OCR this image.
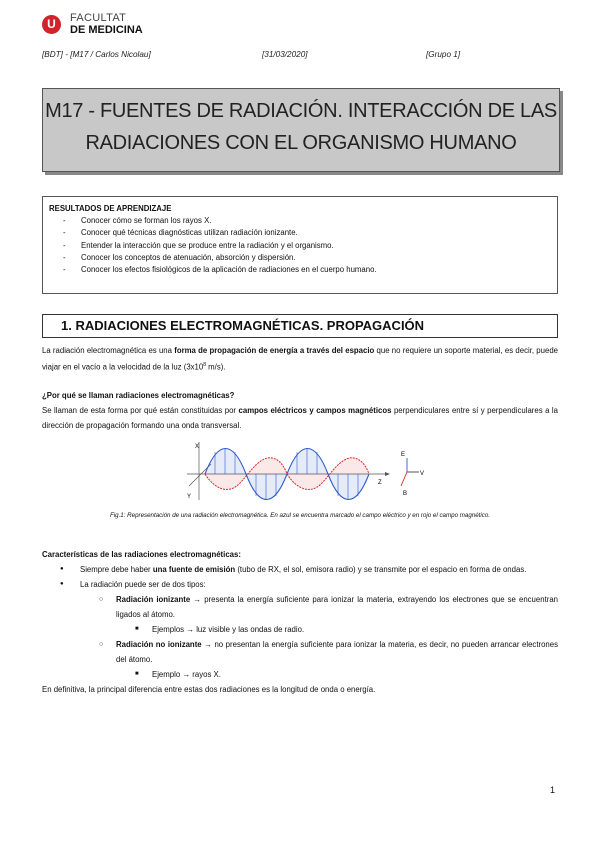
U	FACULTAT
DE MEDICINA
[BDT] - [M17 / Carlos Nicolau]	[31/03/2020]	[Grupo 1]
M17 - FUENTES DE RADIACIÓN. INTERACCIÓN DE LAS
RADIACIONES CON EL ORGANISMO HUMANO
RESULTADOS DE APRENDIZAJE
- Conocer cómo se forman los rayos X.
- Conocer qué técnicas diagnósticas utilizan radiación ionizante.
- Entender la interacción que se produce entre la radiación y el organismo.
- Conocer los conceptos de atenuación, absorción y dispersión.
- Conocer los efectos fisiológicos de la aplicación de radiaciones en el cuerpo humano.
1. RADIACIONES ELECTROMAGNÉTICAS. PROPAGACIÓN
La radiación electromagnética es una forma de propagación de energía a través del espacio que no requiere un soporte material, es decir, puede viajar en el vacío a la velocidad de la luz ($3x10^8$ m/s).
¿Por qué se llaman radiaciones electromagnéticas?
Se llaman de esta forma por qué están constituidas por campos eléctricos y campos magnéticos perpendiculares entre sí y perpendiculares a la dirección de propagación formando una onda transversal.
X
Y
Z
E
V
B
Fig.1: Representación de una radiación electromagnética. En azul se encuentra marcado el campo eléctrico y en rojo el campo magnético.
Características de las radiaciones electromagnéticas:
● Siempre debe haber una fuente de emisión (tubo de RX, el sol, emisora radio) y se transmite por el espacio en forma de ondas.
● La radiación puede ser de dos tipos:
○ Radiación ionizante → presenta la energía suficiente para ionizar la materia, extrayendo los electrones que se encuentran ligados al átomo.
■ Ejemplos → luz visible y las ondas de radio.
○ Radiación no ionizante → no presentan la energía suficiente para ionizar la materia, es decir, no pueden arrancar electrones del átomo.
■ Ejemplo → rayos X.
En definitiva, la principal diferencia entre estas dos radiaciones es la longitud de onda o energía.
1
